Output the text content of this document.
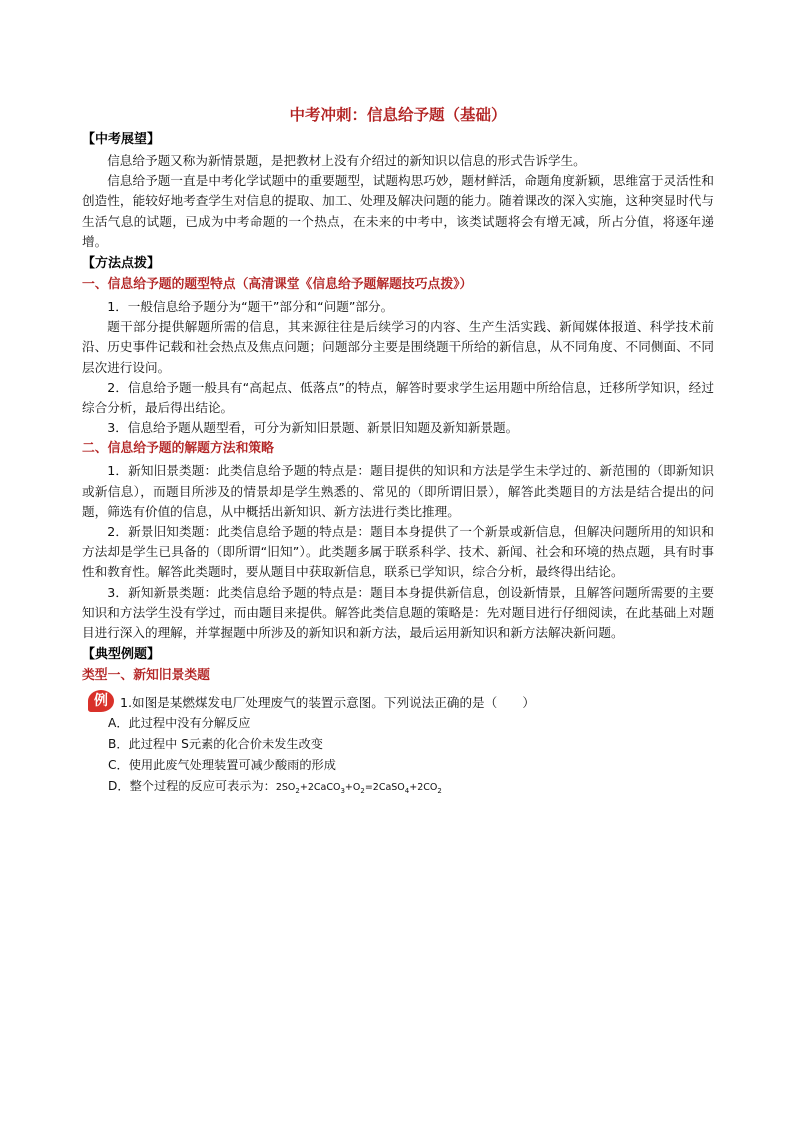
中考冲刺：信息给予题（基础）
【中考展望】

信息给予题又称为新情景题，是把教材上没有介绍过的新知识以信息的形式告诉学生。

信息给予题一直是中考化学试题中的重要题型，试题构思巧妙，题材鲜活，命题角度新颖，思维富于灵活性和创造性，能较好地考查学生对信息的提取、加工、处理及解决问题的能力。随着课改的深入实施，这种突显时代与生活气息的试题，已成为中考命题的一个热点，在未来的中考中，该类试题将会有增无减，所占分值，将逐年递增。

【方法点拨】
一、信息给予题的题型特点（高清课堂《信息给予题解题技巧点拨》）

1．一般信息给予题分为“题干”部分和“问题”部分。

题干部分提供解题所需的信息，其来源往往是后续学习的内容、生产生活实践、新闻媒体报道、科学技术前沿、历史事件记载和社会热点及焦点问题；问题部分主要是围绕题干所给的新信息，从不同角度、不同侧面、不同层次进行设问。

2．信息给予题一般具有“高起点、低落点”的特点，解答时要求学生运用题中所给信息，迁移所学知识，经过综合分析，最后得出结论。

3．信息给予题从题型看，可分为新知旧景题、新景旧知题及新知新景题。

二、信息给予题的解题方法和策略

1．新知旧景类题：此类信息给予题的特点是：题目提供的知识和方法是学生未学过的、新范围的（即新知识或新信息），而题目所涉及的情景却是学生熟悉的、常见的（即所谓旧景），解答此类题目的方法是结合提出的问题，筛选有价值的信息，从中概括出新知识、新方法进行类比推理。

2．新景旧知类题：此类信息给予题的特点是：题目本身提供了一个新景或新信息，但解决问题所用的知识和方法却是学生已具备的（即所谓“旧知”）。此类题多属于联系科学、技术、新闻、社会和环境的热点题，具有时事性和教育性。解答此类题时，要从题目中获取新信息，联系已学知识，综合分析，最终得出结论。

3．新知新景类题：此类信息给予题的特点是：题目本身提供新信息，创设新情景，且解答问题所需要的主要知识和方法学生没有学过，而由题目来提供。解答此类信息题的策略是：先对题目进行仔细阅读，在此基础上对题目进行深入的理解，并掌握题中所涉及的新知识和新方法，最后运用新知识和新方法解决新问题。

【典型例题】
类型一、新知旧景类题
例 1.如图是某燃煤发电厂处理废气的装置示意图。下列说法正确的是（　　）

A．此过程中没有分解反应

B．此过程中 S元素的化合价未发生改变

C．使用此废气处理装置可减少酸雨的形成

D．整个过程的反应可表示为：$2SO_2+2CaCO_3+O_2=2CaSO_4+2CO_2$
